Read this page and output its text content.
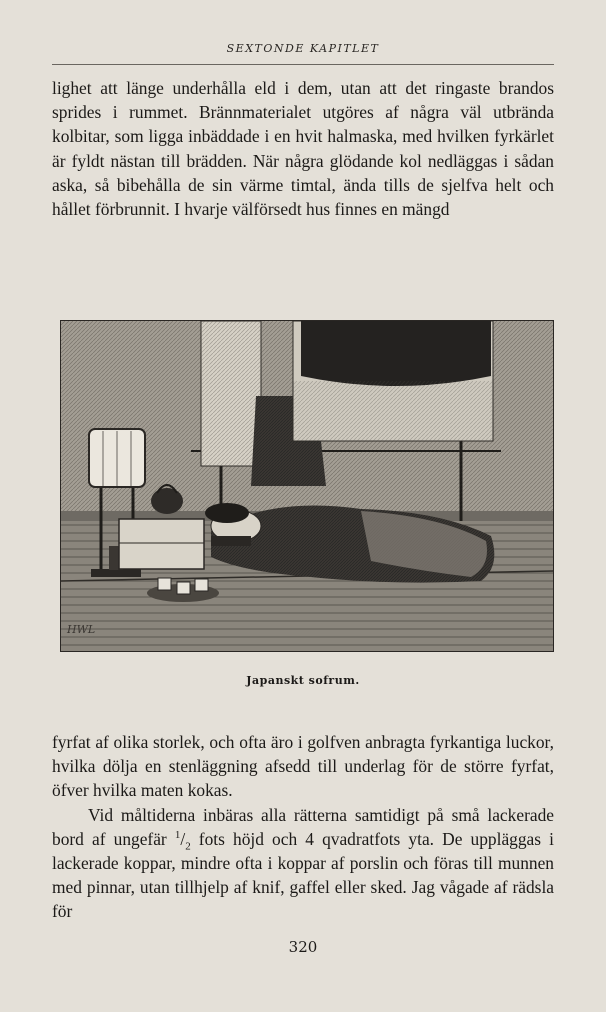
SEXTONDE KAPITLET

lighet att länge underhålla eld i dem, utan att det ringaste brandos sprides i rummet. Brännmaterialet utgöres af några väl utbrända kolbitar, som ligga inbäddade i en hvit halmaska, med hvilken fyrkärlet är fyldt nästan till brädden. När några glödande kol nedläggas i sådan aska, så bibehålla de sin värme timtal, ända tills de sjelfva helt och hållet förbrunnit. I hvarje välförsedt hus finnes en mängd

HWL
Japanskt sofrum.
fyrfat af olika storlek, och ofta äro i golfven anbragta fyrkantiga luckor, hvilka dölja en stenläggning afsedd till underlag för de större fyrfat, öfver hvilka maten kokas.
Vid måltiderna inbäras alla rätterna samtidigt på små lackerade bord af ungefär $^1/_2$ fots höjd och 4 qvadratfots yta. De uppläggas i lackerade koppar, mindre ofta i koppar af porslin och föras till munnen med pinnar, utan tillhjelp af knif, gaffel eller sked. Jag vågade af rädsla för
320
